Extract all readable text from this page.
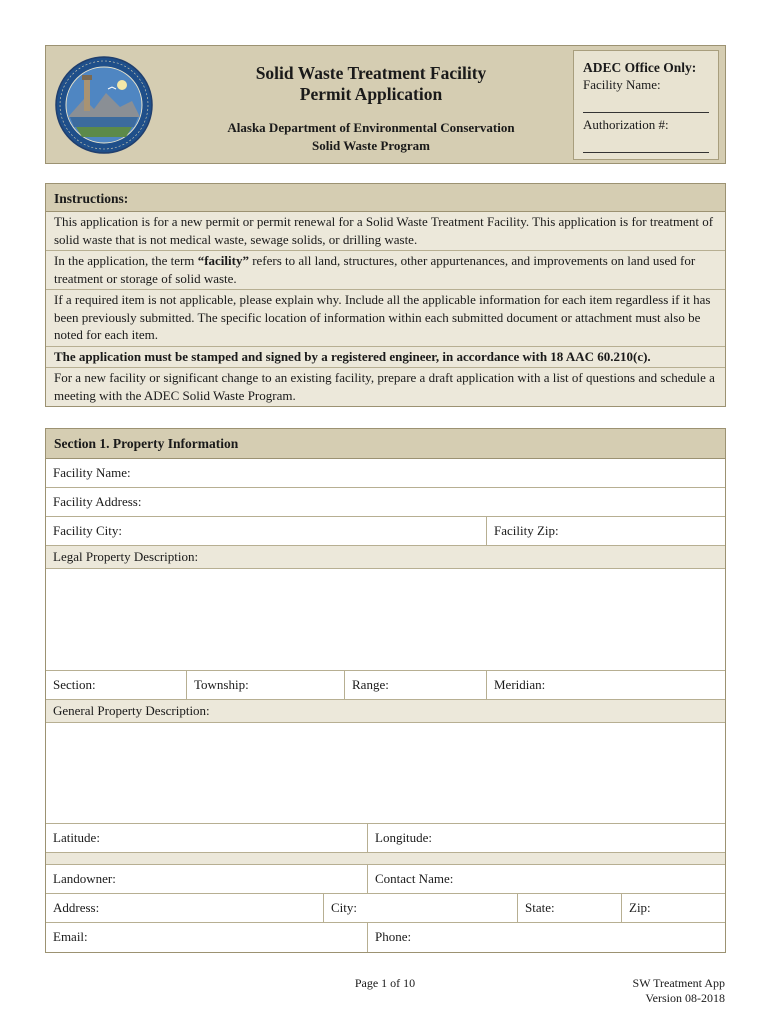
Solid Waste Treatment Facility
Permit Application
Alaska Department of Environmental Conservation
Solid Waste Program
ADEC Office Only:
Facility Name:
Authorization #:
Instructions:
This application is for a new permit or permit renewal for a Solid Waste Treatment Facility. This application is for treatment of solid waste that is not medical waste, sewage solids, or drilling waste.
In the application, the term “facility” refers to all land, structures, other appurtenances, and improvements on land used for treatment or storage of solid waste.
If a required item is not applicable, please explain why. Include all the applicable information for each item regardless if it has been previously submitted. The specific location of information within each submitted document or attachment must also be noted for each item.
The application must be stamped and signed by a registered engineer, in accordance with 18 AAC 60.210(c).
For a new facility or significant change to an existing facility, prepare a draft application with a list of questions and schedule a meeting with the ADEC Solid Waste Program.
Section 1. Property Information
Facility Name:
Facility Address:
Facility City:	Facility Zip:
Legal Property Description:
Section:	Township:	Range:	Meridian:
General Property Description:
Latitude:	Longitude:
Landowner:	Contact Name:
Address:	City:	State:	Zip:
Email:	Phone:
Page 1 of 10	SW Treatment App
Version 08-2018
